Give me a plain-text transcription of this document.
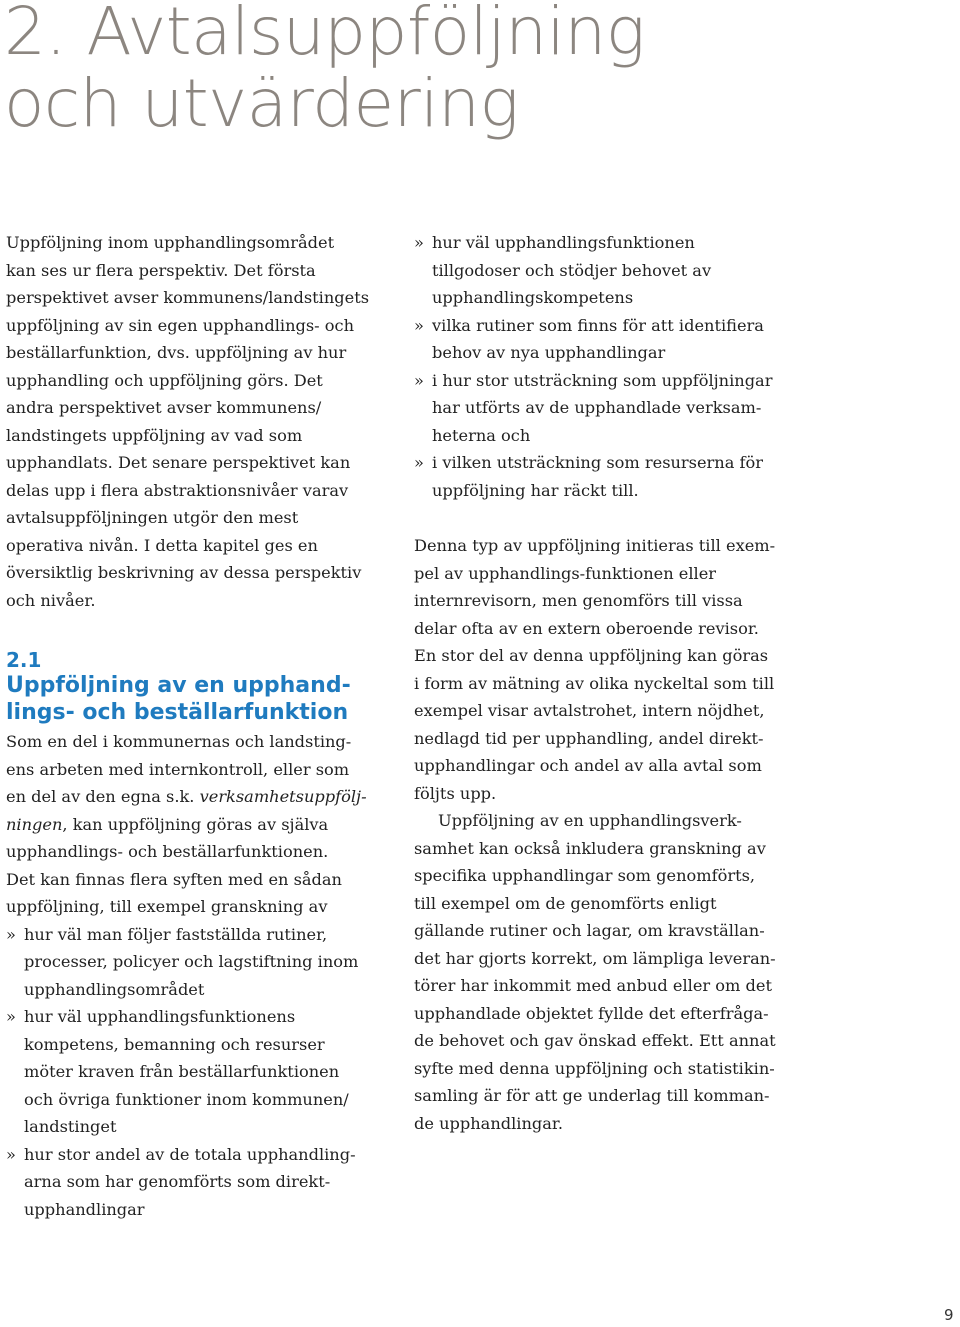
2. Avtalsuppföljning
och utvärdering

Uppföljning inom upphandlingsområdet
kan ses ur flera perspektiv. Det första
perspektivet avser kommunens/landstingets
uppföljning av sin egen upphandlings- och
beställarfunktion, dvs. uppföljning av hur
upphandling och uppföljning görs. Det
andra perspektivet avser kommunens/
landstingets uppföljning av vad som
upphandlats. Det senare perspektivet kan
delas upp i flera abstraktionsnivåer varav
avtalsuppföljningen utgör den mest
operativa nivån. I detta kapitel ges en
översiktlig beskrivning av dessa perspektiv
och nivåer.

2.1
Uppföljning av en upphand-
lings- och beställarfunktion

Som en del i kommunernas och landsting-
ens arbeten med internkontroll, eller som
en del av den egna s.k. verksamhetsuppfölj-
ningen, kan uppföljning göras av själva
upphandlings- och beställarfunktionen.

Det kan finnas flera syften med en sådan
uppföljning, till exempel granskning av

» hur väl man följer fastställda rutiner,
processer, policyer och lagstiftning inom
upphandlingsområdet
» hur väl upphandlingsfunktionens
kompetens, bemanning och resurser
möter kraven från beställarfunktionen
och övriga funktioner inom kommunen/
landstinget
» hur stor andel av de totala upphandling-
arna som har genomförts som direkt-
upphandlingar
» hur väl upphandlingsfunktionen
tillgodoser och stödjer behovet av
upphandlingskompetens
» vilka rutiner som finns för att identifiera
behov av nya upphandlingar
» i hur stor utsträckning som uppföljningar
har utförts av de upphandlade verksam-
heterna och
» i vilken utsträckning som resurserna för
uppföljning har räckt till.

Denna typ av uppföljning initieras till exem-
pel av upphandlings-funktionen eller
internrevisorn, men genomförs till vissa
delar ofta av en extern oberoende revisor.
En stor del av denna uppföljning kan göras
i form av mätning av olika nyckeltal som till
exempel visar avtalstrohet, intern nöjdhet,
nedlagd tid per upphandling, andel direkt-
upphandlingar och andel av alla avtal som
följts upp.

Uppföljning av en upphandlingsverk-
samhet kan också inkludera granskning av
specifika upphandlingar som genomförts,
till exempel om de genomförts enligt
gällande rutiner och lagar, om kravställan-
det har gjorts korrekt, om lämpliga leveran-
törer har inkommit med anbud eller om det
upphandlade objektet fyllde det efterfråga-
de behovet och gav önskad effekt. Ett annat
syfte med denna uppföljning och statistikin-
samling är för att ge underlag till komman-
de upphandlingar.

9
